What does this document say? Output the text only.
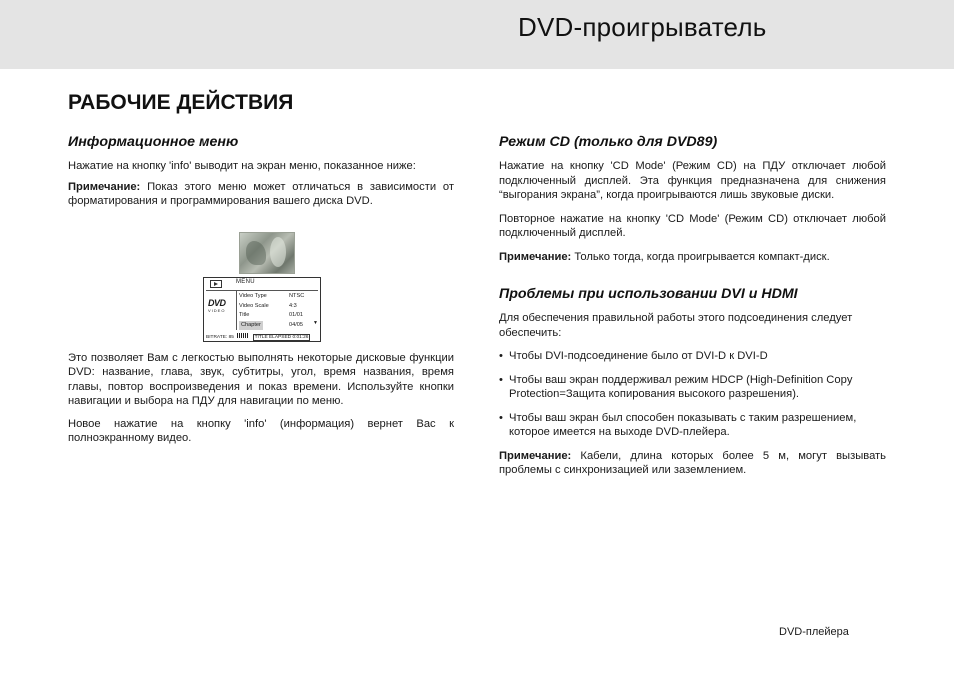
DVD-проигрыватель
РАБОЧИЕ ДЕЙСТВИЯ
Информационное меню

Нажатие на кнопку 'info' выводит на экран меню, показанное ниже:

Примечание: Показ этого меню может отличаться в зависимости от форматирования и программирования вашего диска DVD.

Это позволяет Вам с легкостью выполнять некоторые дисковые функции DVD: название, глава, звук, субтитры, угол, время названия, время главы, повтор воспроизведения и показ времени. Используйте кнопки навигации и выбора на ПДУ для навигации по меню.

Новое нажатие на кнопку 'info' (информация) вернет Вас к полноэкранному видео.

MENU
DVD
VIDEO
Video Type	NTSC
Video Scale	4:3
Title	01/01
Chapter	04/05 ▼
BITRATE: 85	TITLE ELAPSED 0:01:26
Режим CD (только для DVD89)

Нажатие на кнопку 'CD Mode' (Режим CD) на ПДУ отключает любой подключенный дисплей. Эта функция предназначена для снижения “выгорания экрана”, когда проигрываются лишь звуковые диски.

Повторное нажатие на кнопку 'CD Mode' (Режим CD) отключает любой подключенный дисплей.

Примечание: Только тогда, когда проигрывается компакт-диск.

Проблемы при использовании DVI и HDMI

Для обеспечения правильной работы этого подсоединения следует обеспечить:

• Чтобы DVI-подсоединение было от DVI-D к DVI-D
• Чтобы ваш экран поддерживал режим HDCP (High-Definition Copy Protection=Защита копирования высокого разрешения).
• Чтобы ваш экран был способен показывать с таким разрешением, которое имеется на выходе DVD-плейера.

Примечание: Кабели, длина которых более 5 м, могут вызывать проблемы с синхронизацией или заземлением.

DVD-плейера
